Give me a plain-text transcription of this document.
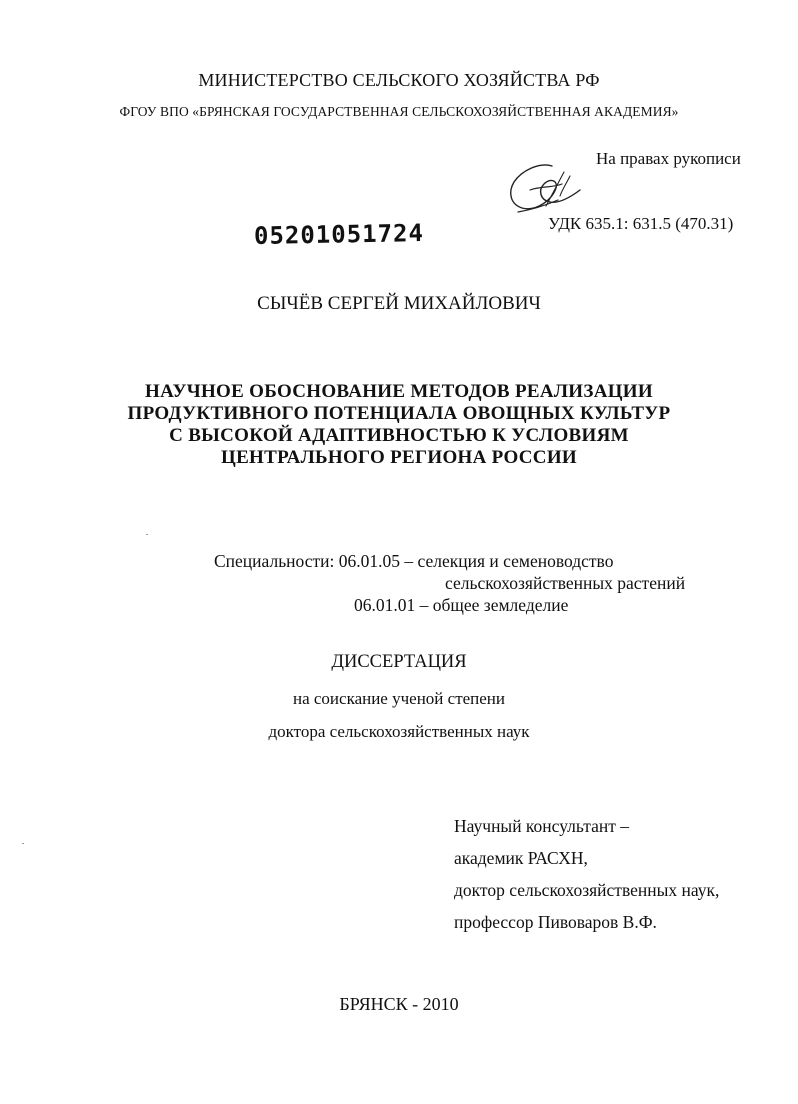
МИНИСТЕРСТВО СЕЛЬСКОГО ХОЗЯЙСТВА РФ
ФГОУ ВПО «БРЯНСКАЯ ГОСУДАРСТВЕННАЯ СЕЛЬСКОХОЗЯЙСТВЕННАЯ АКАДЕМИЯ»
На правах рукописи
УДК 635.1: 631.5 (470.31)
05201051724
СЫЧЁВ СЕРГЕЙ МИХАЙЛОВИЧ
НАУЧНОЕ ОБОСНОВАНИЕ МЕТОДОВ РЕАЛИЗАЦИИ
ПРОДУКТИВНОГО ПОТЕНЦИАЛА ОВОЩНЫХ КУЛЬТУР
С ВЫСОКОЙ АДАПТИВНОСТЬЮ К УСЛОВИЯМ
ЦЕНТРАЛЬНОГО РЕГИОНА РОССИИ
Специальности: 06.01.05 – селекция и семеноводство
сельскохозяйственных растений
06.01.01 – общее земледелие
ДИССЕРТАЦИЯ
на соискание ученой степени
доктора сельскохозяйственных наук
Научный консультант –
академик РАСХН,
доктор сельскохозяйственных наук,
профессор Пивоваров В.Ф.
БРЯНСК - 2010
